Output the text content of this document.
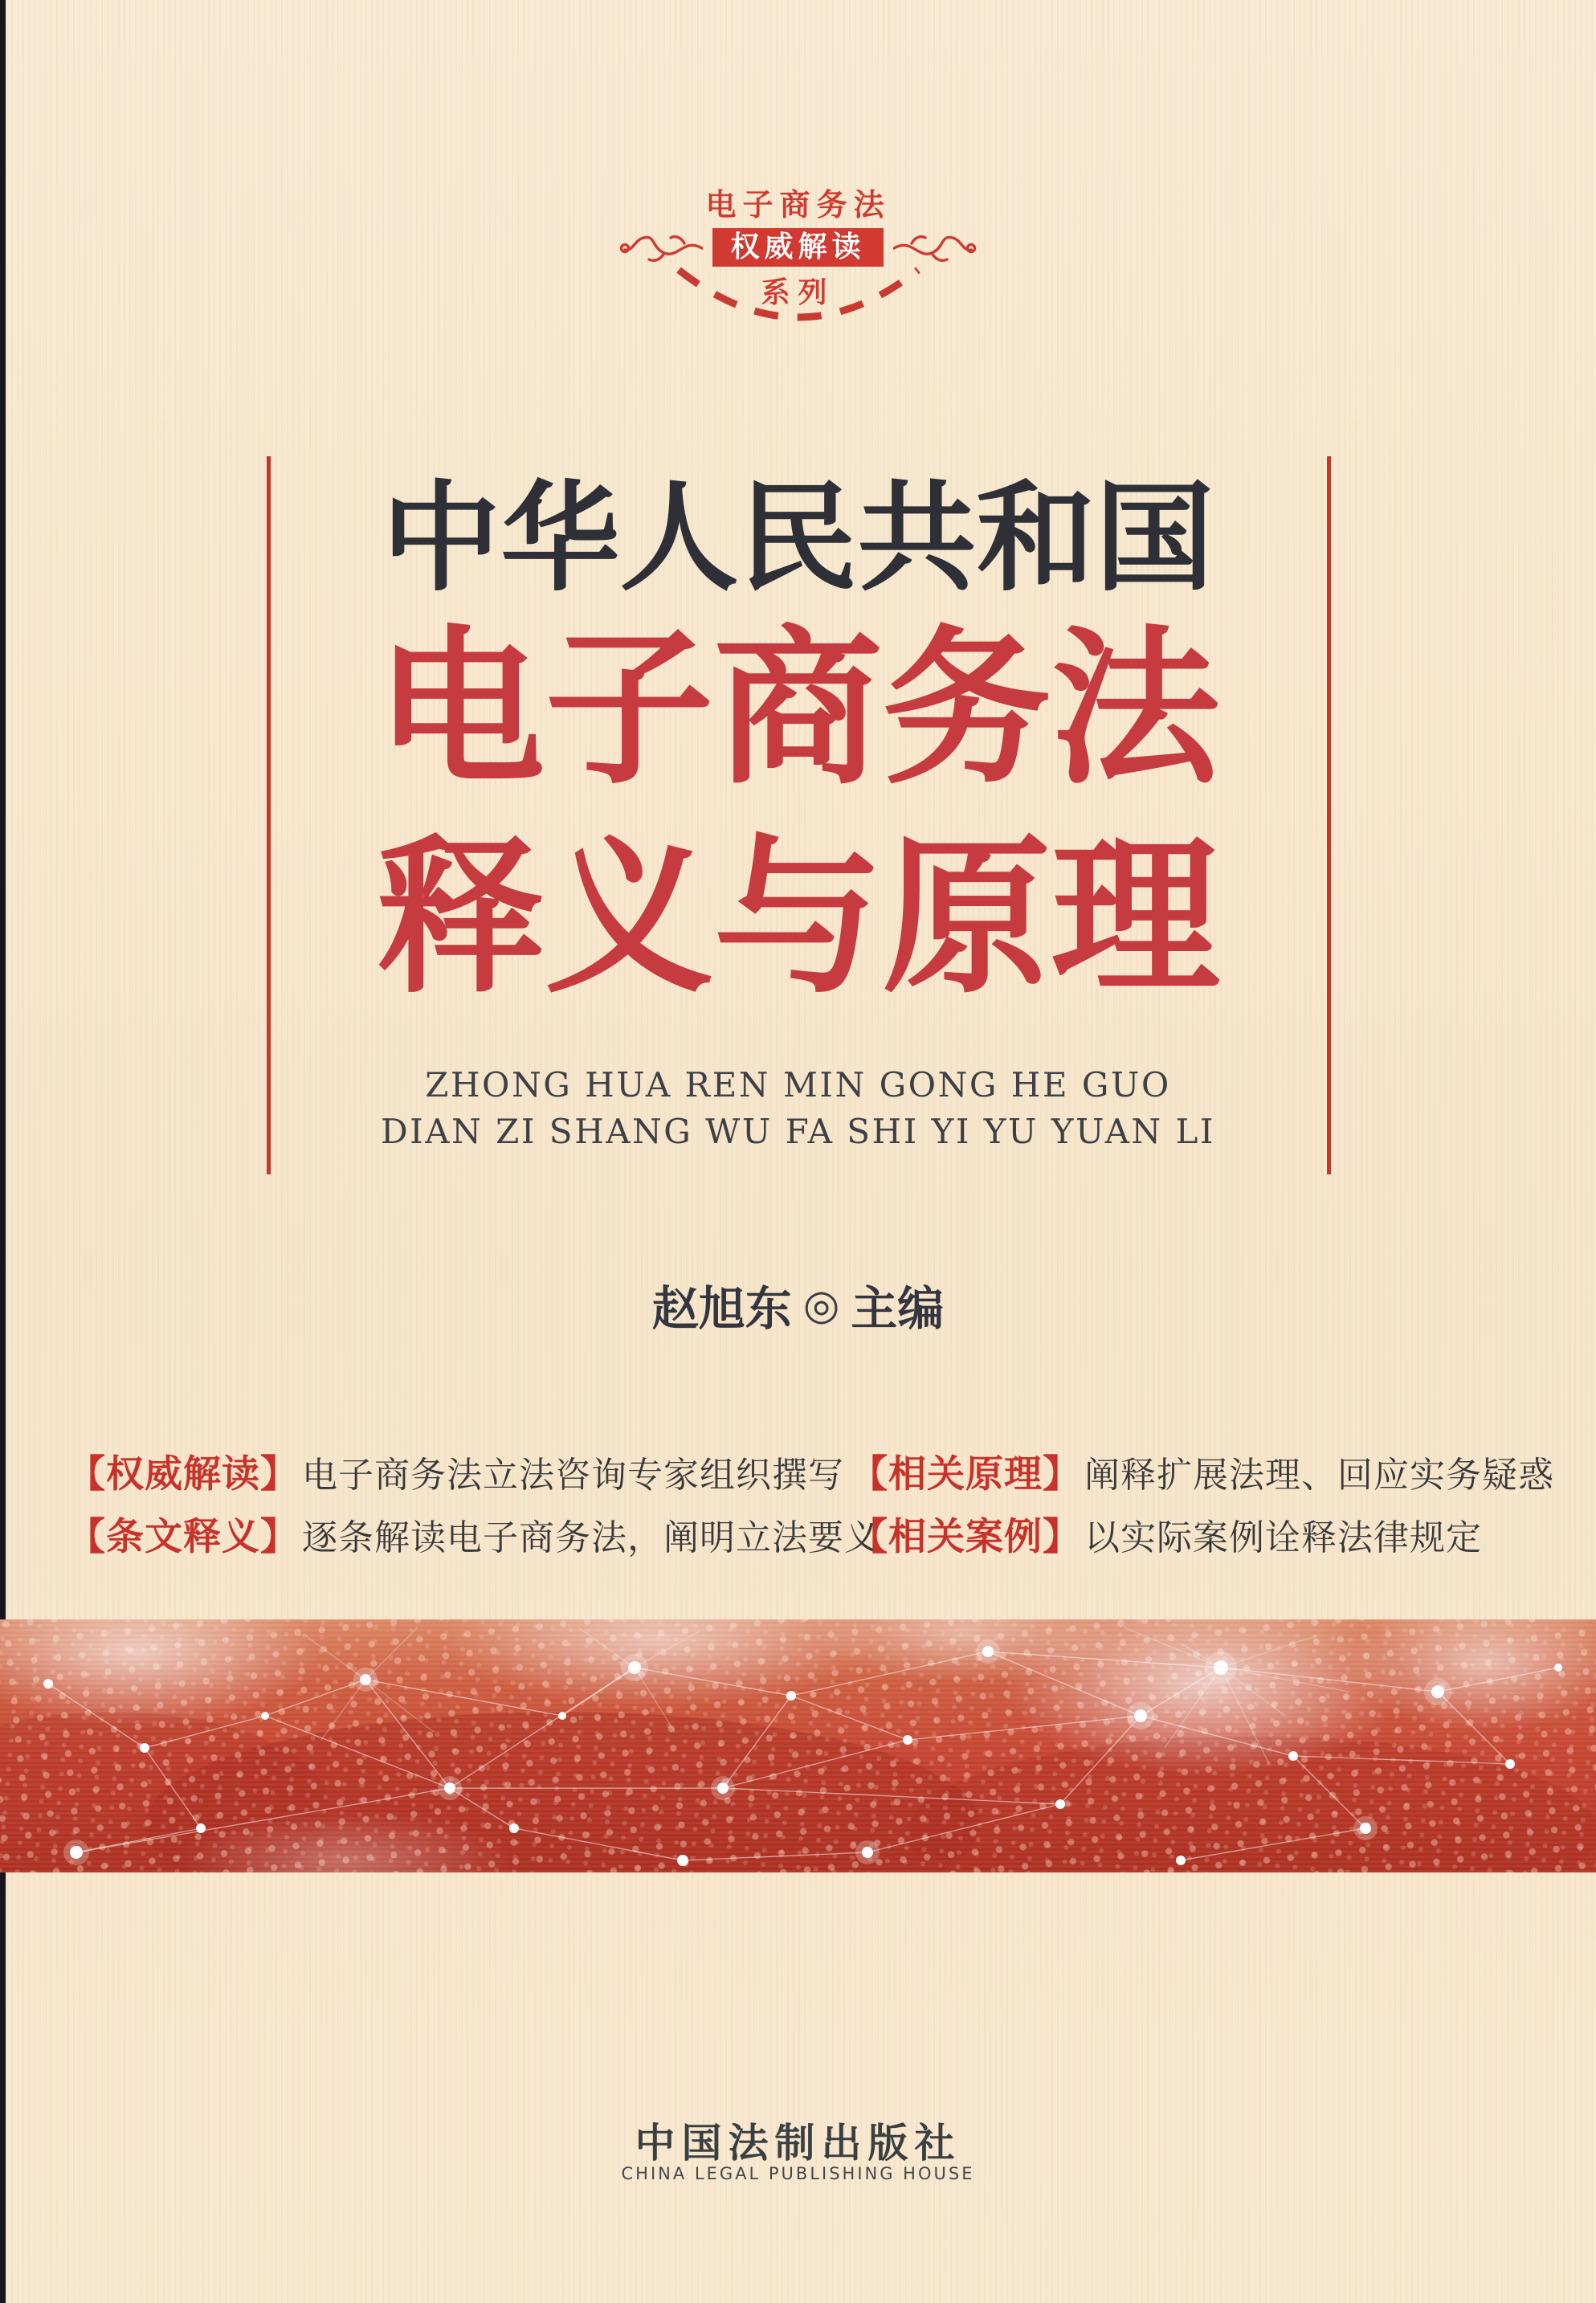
电子商务法
权威解读
系列
中华人民共和国
电子商务法
释义与原理
ZHONG HUA REN MIN GONG HE GUO
DIAN ZI SHANG WU FA SHI YI YU YUAN LI
赵旭东 ◎ 主编
【权威解读】 电子商务法立法咨询专家组织撰写 【相关原理】 阐释扩展法理、回应实务疑惑
【条文释义】 逐条解读电子商务法，阐明立法要义
【相关案例】 以实际案例诠释法律规定
中国法制出版社
CHINA LEGAL PUBLISHING HOUSE
